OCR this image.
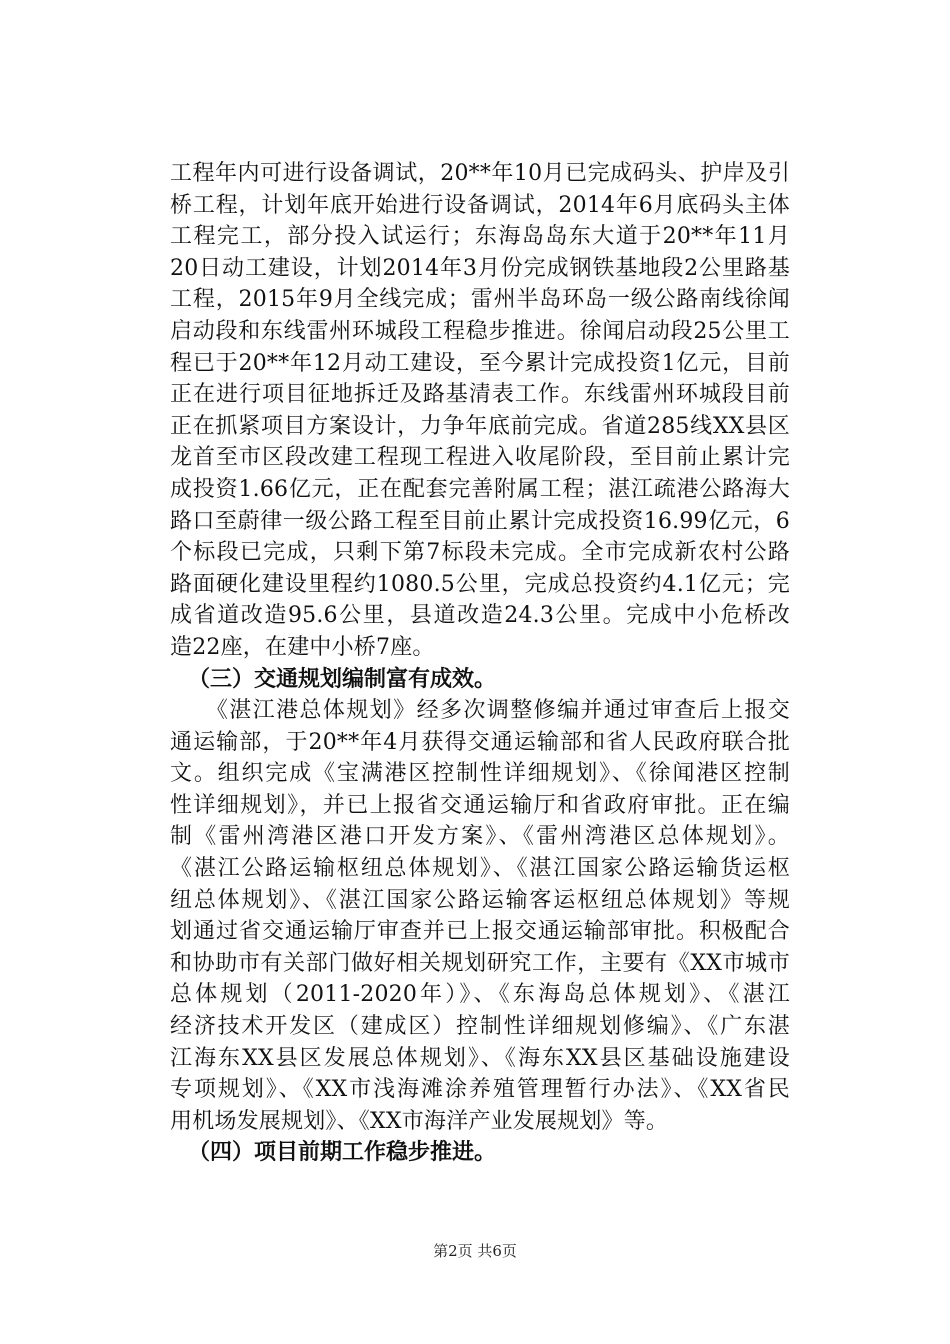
工程年内可进行设备调试，20**年10月已完成码头、护岸及引
桥工程，计划年底开始进行设备调试，2014年6月底码头主体
工程完工，部分投入试运行；东海岛岛东大道于20**年11月
20日动工建设，计划2014年3月份完成钢铁基地段2公里路基
工程，2015年9月全线完成；雷州半岛环岛一级公路南线徐闻
启动段和东线雷州环城段工程稳步推进。徐闻启动段25公里工
程已于20**年12月动工建设，至今累计完成投资1亿元，目前
正在进行项目征地拆迁及路基清表工作。东线雷州环城段目前
正在抓紧项目方案设计，力争年底前完成。省道285线XX县区
龙首至市区段改建工程现工程进入收尾阶段，至目前止累计完
成投资1.66亿元，正在配套完善附属工程；湛江疏港公路海大
路口至蔚律一级公路工程至目前止累计完成投资16.99亿元，6
个标段已完成，只剩下第7标段未完成。全市完成新农村公路
路面硬化建设里程约1080.5公里，完成总投资约4.1亿元；完
成省道改造95.6公里，县道改造24.3公里。完成中小危桥改
造22座，在建中小桥7座。
（三）交通规划编制富有成效。
　　《湛江港总体规划》经多次调整修编并通过审查后上报交
通运输部，于20**年4月获得交通运输部和省人民政府联合批
文。组织完成《宝满港区控制性详细规划》、《徐闻港区控制
性详细规划》，并已上报省交通运输厅和省政府审批。正在编
制《雷州湾港区港口开发方案》、《雷州湾港区总体规划》。
《湛江公路运输枢纽总体规划》、《湛江国家公路运输货运枢
纽总体规划》、《湛江国家公路运输客运枢纽总体规划》等规
划通过省交通运输厅审查并已上报交通运输部审批。积极配合
和协助市有关部门做好相关规划研究工作，主要有《XX市城市
总体规划（2011-2020年）》、《东海岛总体规划》、《湛江
经济技术开发区（建成区）控制性详细规划修编》、《广东湛
江海东XX县区发展总体规划》、《海东XX县区基础设施建设
专项规划》、《XX市浅海滩涂养殖管理暂行办法》、《XX省民
用机场发展规划》、《XX市海洋产业发展规划》等。
（四）项目前期工作稳步推进。
第2页 共6页
